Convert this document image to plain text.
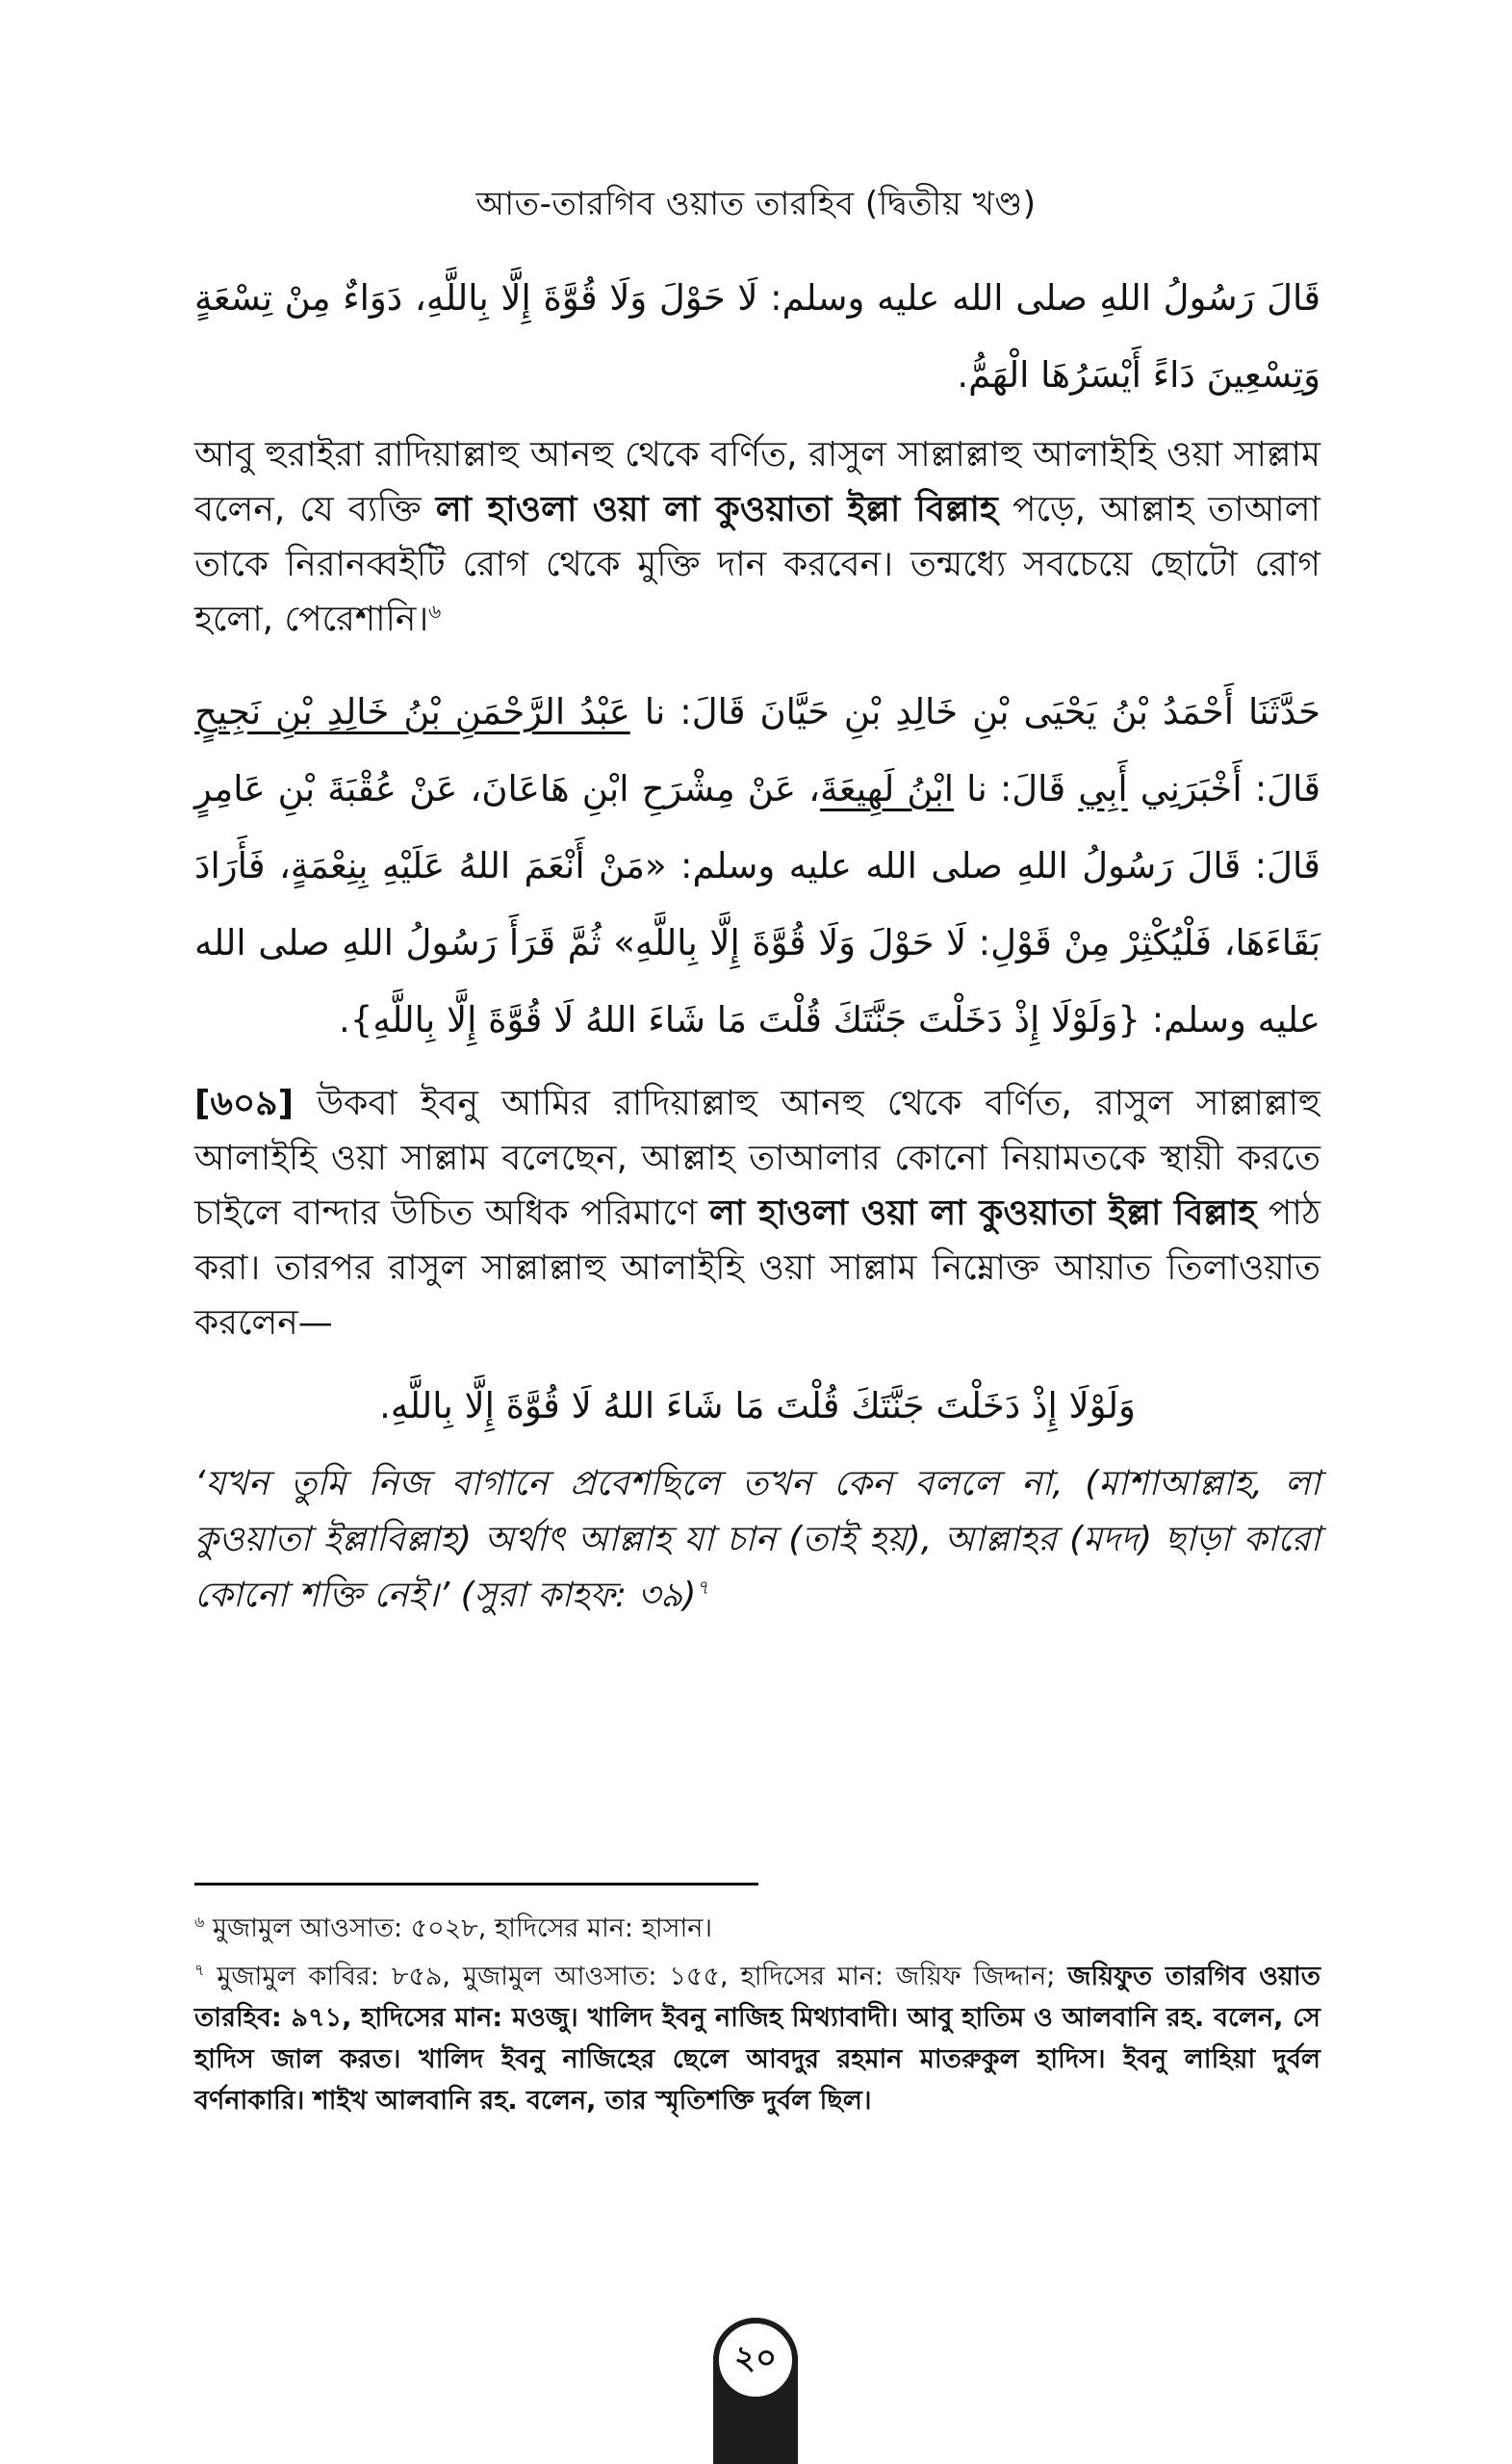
আত-তারগিব ওয়াত তারহিব (দ্বিতীয় খণ্ড)

قَالَ رَسُولُ اللهِ صلى الله عليه وسلم: لَا حَوْلَ وَلَا قُوَّةَ إِلَّا بِاللَّهِ، دَوَاءٌ مِنْ تِسْعَةٍ وَتِسْعِينَ دَاءً أَيْسَرُهَا الْهَمُّ.

আবু হুরাইরা রাদিয়াল্লাহু আনহু থেকে বর্ণিত, রাসুল সাল্লাল্লাহু আলাইহি ওয়া সাল্লাম বলেন, যে ব্যক্তি লা হাওলা ওয়া লা কুওয়াতা ইল্লা বিল্লাহ পড়ে, আল্লাহ তাআলা তাকে নিরানব্বইটি রোগ থেকে মুক্তি দান করবেন। তন্মধ্যে সবচেয়ে ছোটো রোগ হলো, পেরেশানি।$^৬$

حَدَّثَنَا أَحْمَدُ بْنُ يَحْيَى بْنِ خَالِدِ بْنِ حَيَّانَ قَالَ: نا عَبْدُ الرَّحْمَنِ بْنُ خَالِدِ بْنِ نَجِيحٍ قَالَ: أَخْبَرَنِي أَبِي قَالَ: نا ابْنُ لَهِيعَةَ، عَنْ مِشْرَحِ ابْنِ هَاعَانَ، عَنْ عُقْبَةَ بْنِ عَامِرٍ قَالَ: قَالَ رَسُولُ اللهِ صلى الله عليه وسلم: «مَنْ أَنْعَمَ اللهُ عَلَيْهِ بِنِعْمَةٍ، فَأَرَادَ بَقَاءَهَا، فَلْيُكْثِرْ مِنْ قَوْلِ: لَا حَوْلَ وَلَا قُوَّةَ إِلَّا بِاللَّهِ» ثُمَّ قَرَأَ رَسُولُ اللهِ صلى الله عليه وسلم: {وَلَوْلَا إِذْ دَخَلْتَ جَنَّتَكَ قُلْتَ مَا شَاءَ اللهُ لَا قُوَّةَ إِلَّا بِاللَّهِ}.

[৬০৯] উকবা ইবনু আমির রাদিয়াল্লাহু আনহু থেকে বর্ণিত, রাসুল সাল্লাল্লাহু আলাইহি ওয়া সাল্লাম বলেছেন, আল্লাহ তাআলার কোনো নিয়ামতকে স্থায়ী করতে চাইলে বান্দার উচিত অধিক পরিমাণে লা হাওলা ওয়া লা কুওয়াতা ইল্লা বিল্লাহ পাঠ করা। তারপর রাসুল সাল্লাল্লাহু আলাইহি ওয়া সাল্লাম নিম্নোক্ত আয়াত তিলাওয়াত করলেন—

وَلَوْلَا إِذْ دَخَلْتَ جَنَّتَكَ قُلْتَ مَا شَاءَ اللهُ لَا قُوَّةَ إِلَّا بِاللَّهِ.

‘যখন তুমি নিজ বাগানে প্রবেশছিলে তখন কেন বললে না, (মাশাআল্লাহ, লা কুওয়াতা ইল্লাবিল্লাহ) অর্থাৎ আল্লাহ যা চান (তাই হয়), আল্লাহর (মদদ) ছাড়া কারো কোনো শক্তি নেই।’ (সুরা কাহফ: ৩৯)$^৭$

$^৬$ মুজামুল আওসাত: ৫০২৮, হাদিসের মান: হাসান।

$^৭$ মুজামুল কাবির: ৮৫৯, মুজামুল আওসাত: ১৫৫, হাদিসের মান: জয়িফ জিদ্দান; জয়িফুত তারগিব ওয়াত তারহিব: ৯৭১, হাদিসের মান: মওজু। খালিদ ইবনু নাজিহ মিথ্যাবাদী। আবু হাতিম ও আলবানি রহ. বলেন, সে হাদিস জাল করত। খালিদ ইবনু নাজিহের ছেলে আবদুর রহমান মাতরুকুল হাদিস। ইবনু লাহিয়া দুর্বল বর্ণনাকারি। শাইখ আলবানি রহ. বলেন, তার স্মৃতিশক্তি দুর্বল ছিল।

২০
